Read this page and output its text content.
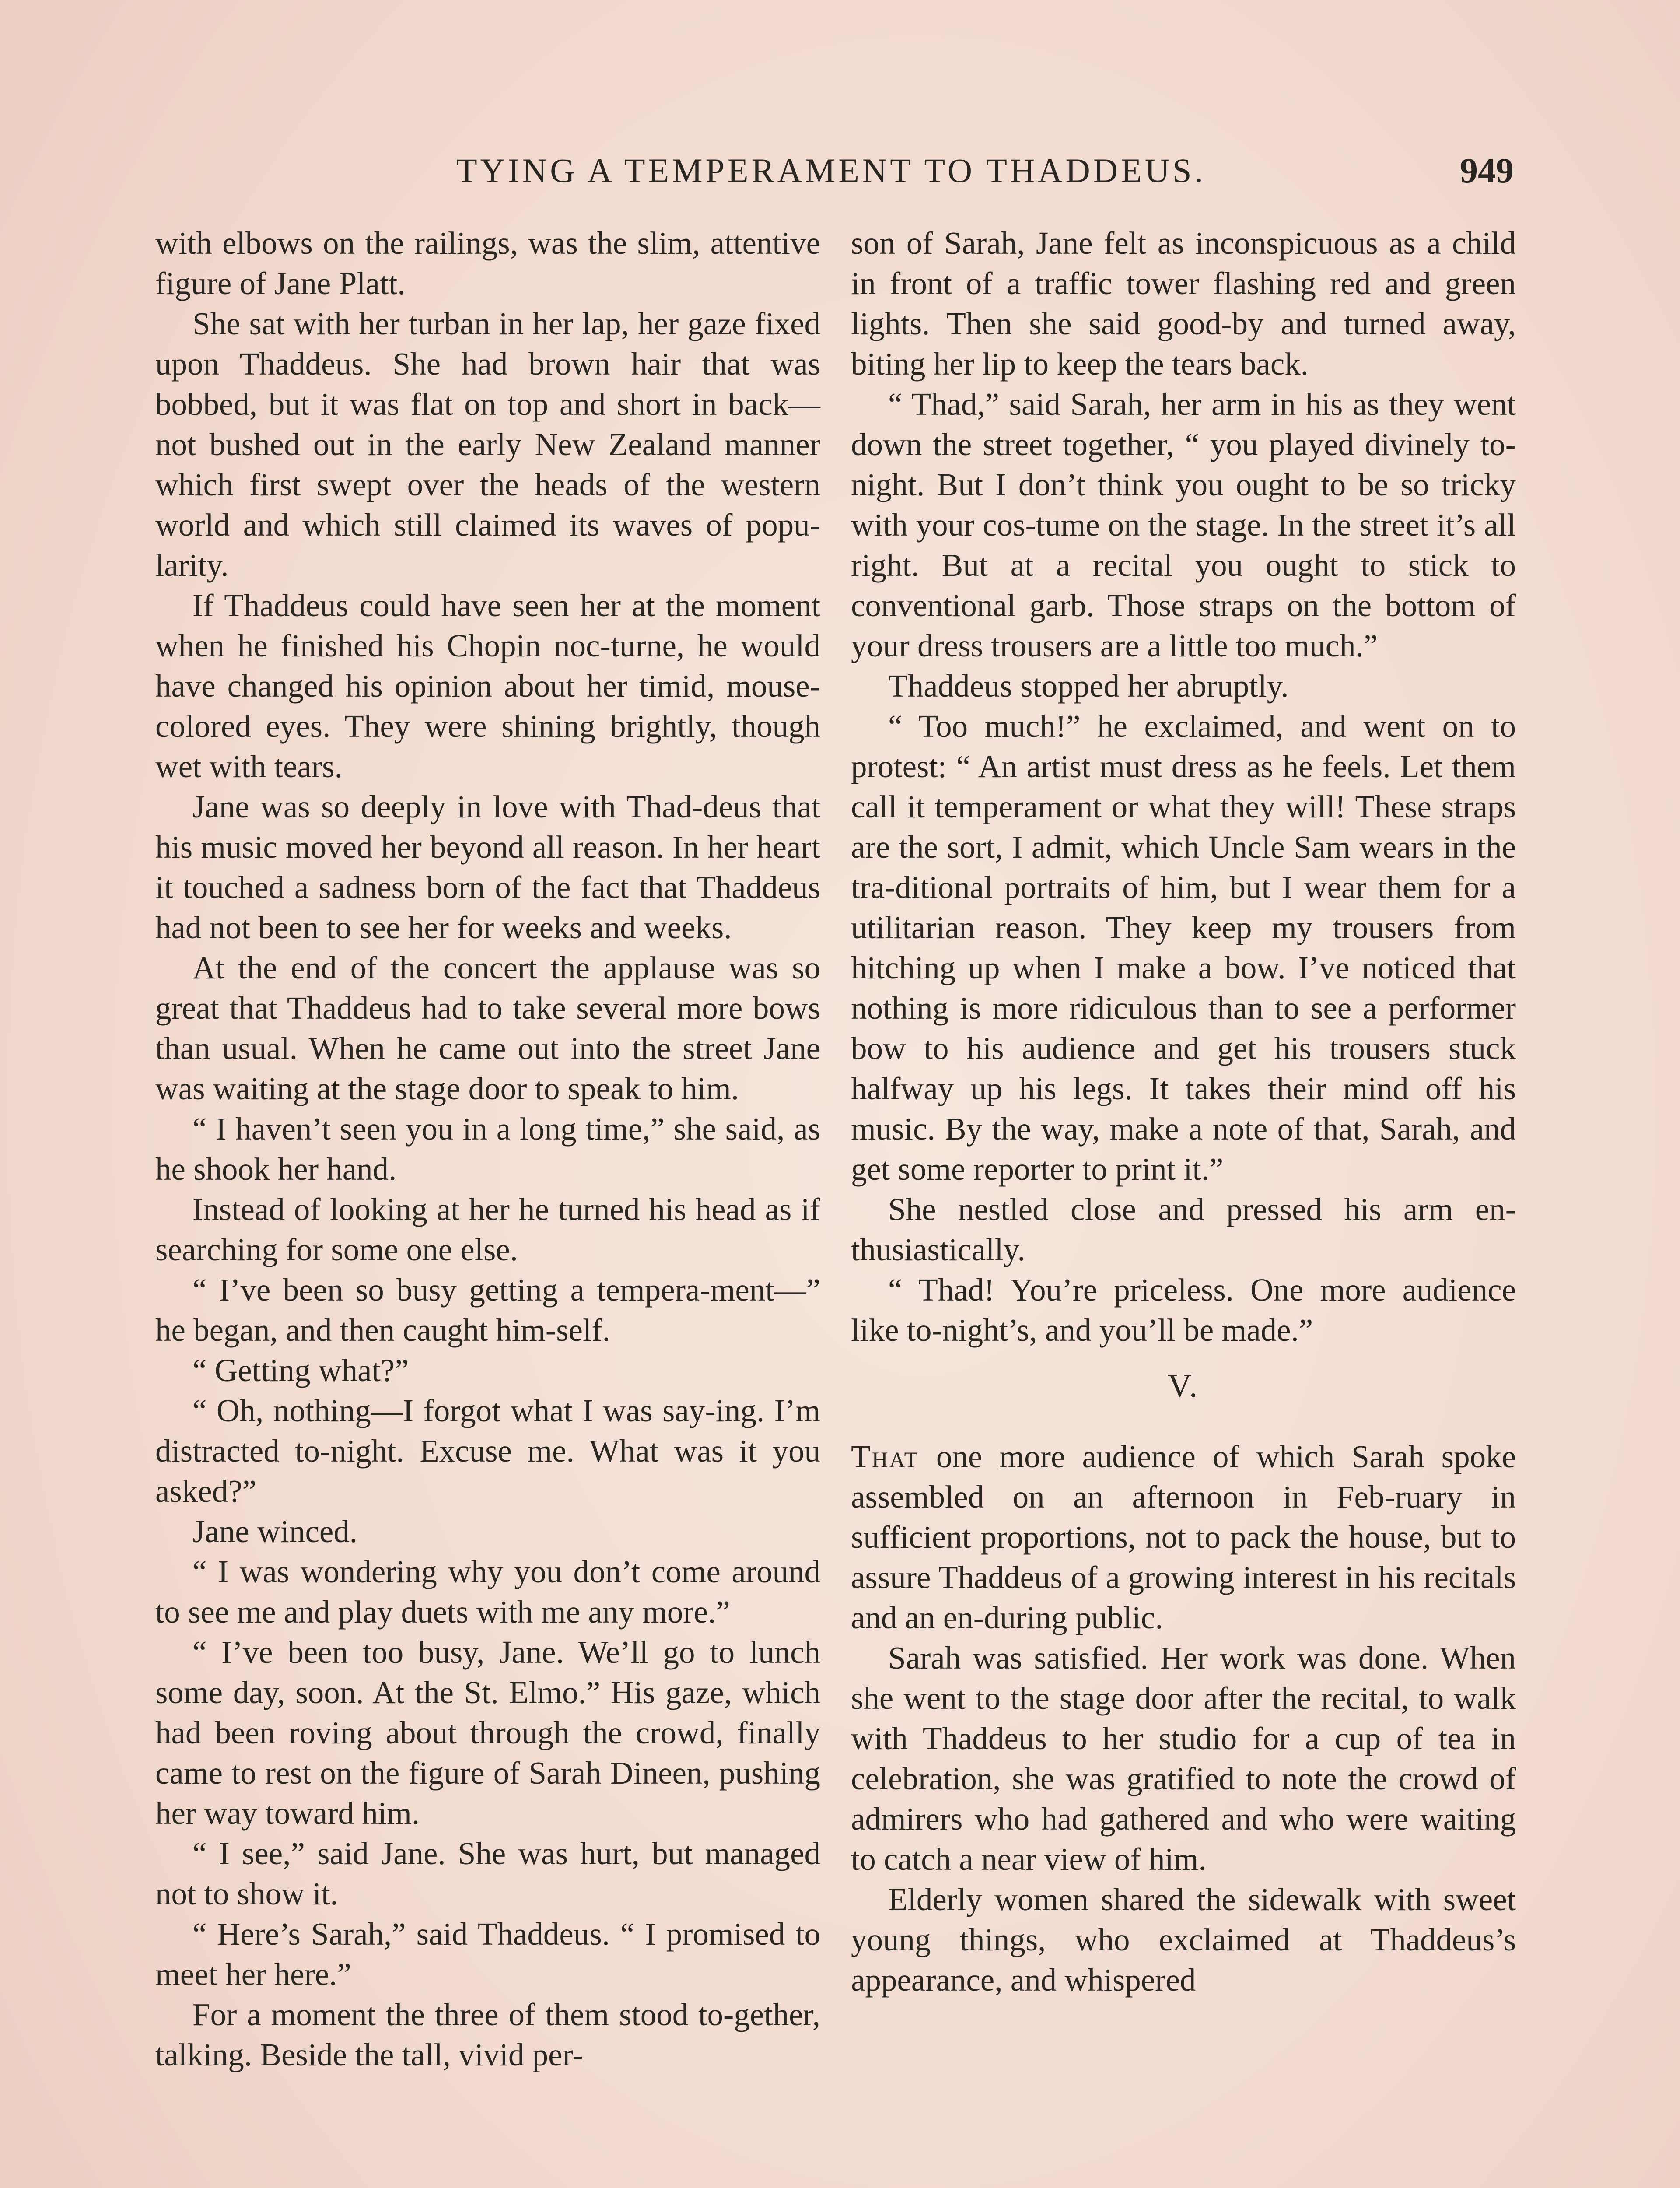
TYING A TEMPERAMENT TO THADDEUS.	949

with elbows on the railings, was the slim, attentive figure of Jane Platt.

She sat with her turban in her lap, her gaze fixed upon Thaddeus. She had brown hair that was bobbed, but it was flat on top and short in back—not bushed out in the early New Zealand manner which first swept over the heads of the western world and which still claimed its waves of popu-larity.

If Thaddeus could have seen her at the moment when he finished his Chopin noc-turne, he would have changed his opinion about her timid, mouse-colored eyes. They were shining brightly, though wet with tears.

Jane was so deeply in love with Thad-deus that his music moved her beyond all reason. In her heart it touched a sadness born of the fact that Thaddeus had not been to see her for weeks and weeks.

At the end of the concert the applause was so great that Thaddeus had to take several more bows than usual. When he came out into the street Jane was waiting at the stage door to speak to him.

“ I haven’t seen you in a long time,” she said, as he shook her hand.

Instead of looking at her he turned his head as if searching for some one else.

“ I’ve been so busy getting a tempera-ment—” he began, and then caught him-self.

“ Getting what?”

“ Oh, nothing—I forgot what I was say-ing. I’m distracted to-night. Excuse me. What was it you asked?”

Jane winced.

“ I was wondering why you don’t come around to see me and play duets with me any more.”

“ I’ve been too busy, Jane. We’ll go to lunch some day, soon. At the St. Elmo.” His gaze, which had been roving about through the crowd, finally came to rest on the figure of Sarah Dineen, pushing her way toward him.

“ I see,” said Jane. She was hurt, but managed not to show it.

“ Here’s Sarah,” said Thaddeus. “ I promised to meet her here.”

For a moment the three of them stood to-gether, talking. Beside the tall, vivid per-

son of Sarah, Jane felt as inconspicuous as a child in front of a traffic tower flashing red and green lights. Then she said good-by and turned away, biting her lip to keep the tears back.

“ Thad,” said Sarah, her arm in his as they went down the street together, “ you played divinely to-night. But I don’t think you ought to be so tricky with your cos-tume on the stage. In the street it’s all right. But at a recital you ought to stick to conventional garb. Those straps on the bottom of your dress trousers are a little too much.”

Thaddeus stopped her abruptly.

“ Too much!” he exclaimed, and went on to protest: “ An artist must dress as he feels. Let them call it temperament or what they will! These straps are the sort, I admit, which Uncle Sam wears in the tra-ditional portraits of him, but I wear them for a utilitarian reason. They keep my trousers from hitching up when I make a bow. I’ve noticed that nothing is more ridiculous than to see a performer bow to his audience and get his trousers stuck halfway up his legs. It takes their mind off his music. By the way, make a note of that, Sarah, and get some reporter to print it.”

She nestled close and pressed his arm en-thusiastically.

“ Thad! You’re priceless. One more audience like to-night’s, and you’ll be made.”

V.

That one more audience of which Sarah spoke assembled on an afternoon in Feb-ruary in sufficient proportions, not to pack the house, but to assure Thaddeus of a growing interest in his recitals and an en-during public.

Sarah was satisfied. Her work was done. When she went to the stage door after the recital, to walk with Thaddeus to her studio for a cup of tea in celebration, she was gratified to note the crowd of admirers who had gathered and who were waiting to catch a near view of him.

Elderly women shared the sidewalk with sweet young things, who exclaimed at Thaddeus’s appearance, and whispered
